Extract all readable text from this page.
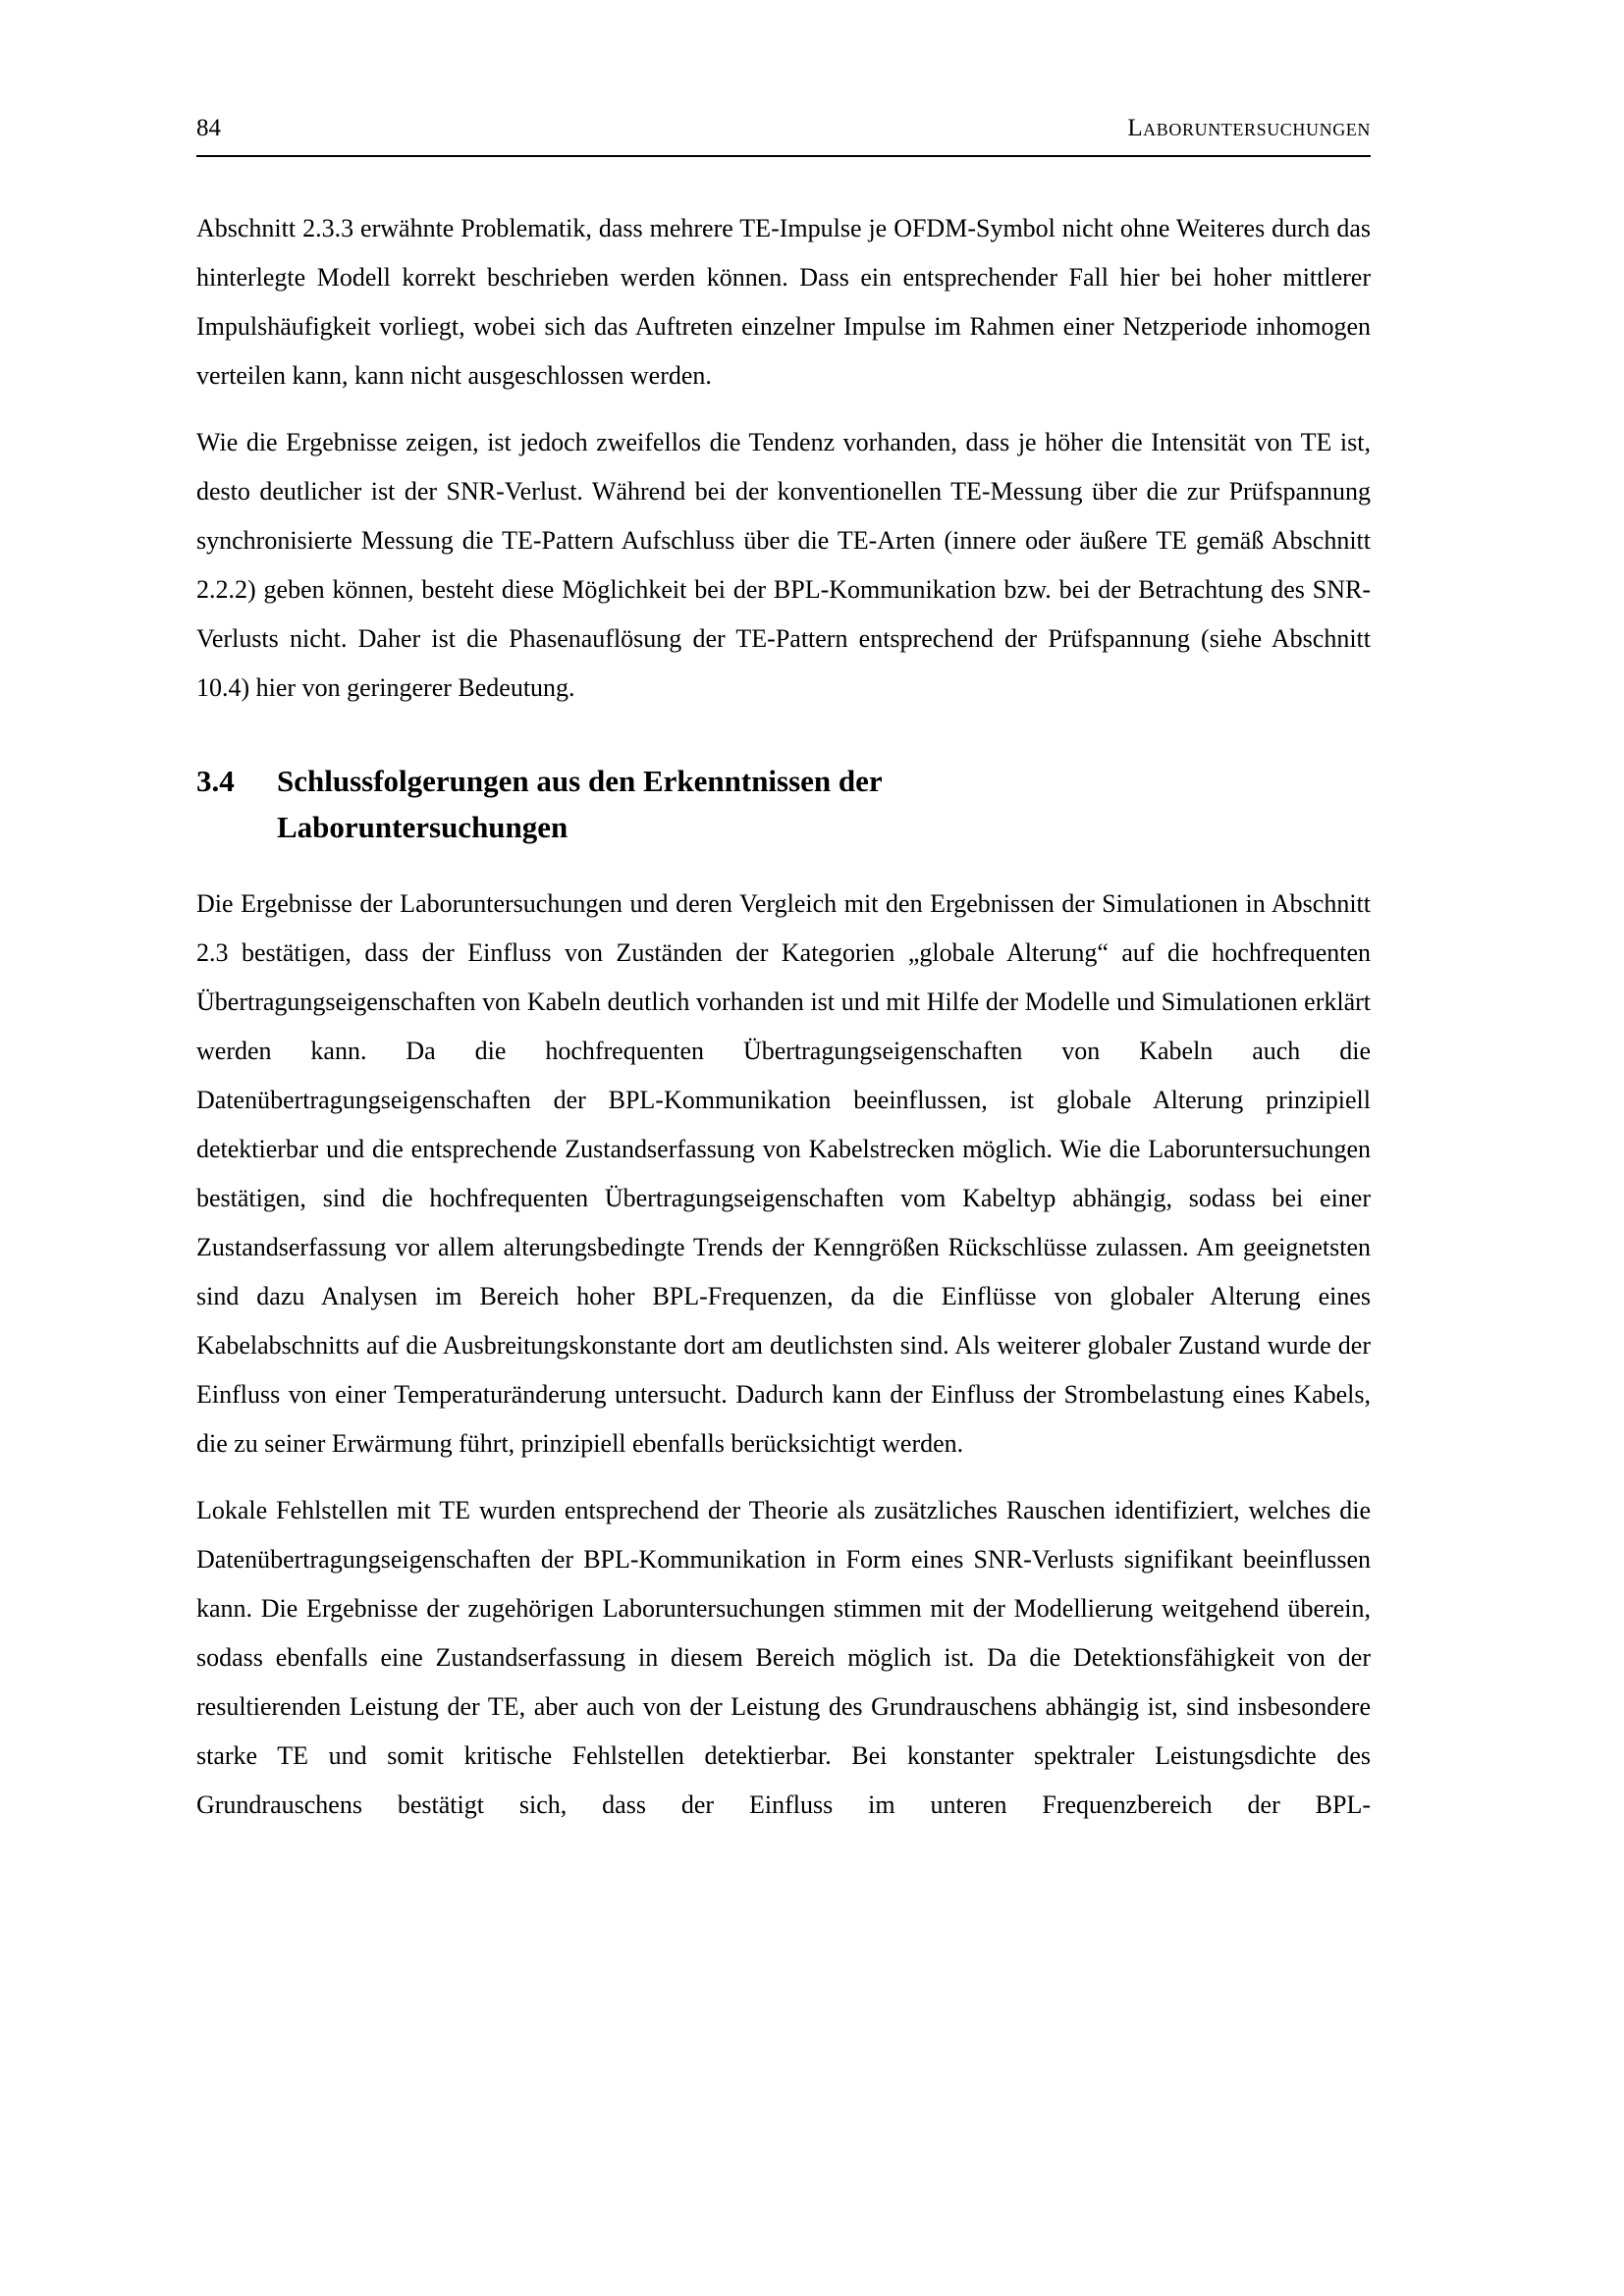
84	Laboruntersuchungen

Abschnitt 2.3.3 erwähnte Problematik, dass mehrere TE-Impulse je OFDM-Symbol nicht ohne Weiteres durch das hinterlegte Modell korrekt beschrieben werden können. Dass ein entsprechender Fall hier bei hoher mittlerer Impulshäufigkeit vorliegt, wobei sich das Auftreten einzelner Impulse im Rahmen einer Netzperiode inhomogen verteilen kann, kann nicht ausgeschlossen werden.

Wie die Ergebnisse zeigen, ist jedoch zweifellos die Tendenz vorhanden, dass je höher die Intensität von TE ist, desto deutlicher ist der SNR-Verlust. Während bei der konventionellen TE-Messung über die zur Prüfspannung synchronisierte Messung die TE-Pattern Aufschluss über die TE-Arten (innere oder äußere TE gemäß Abschnitt 2.2.2) geben können, besteht diese Möglichkeit bei der BPL-Kommunikation bzw. bei der Betrachtung des SNR-Verlusts nicht. Daher ist die Phasenauflösung der TE-Pattern entsprechend der Prüfspannung (siehe Abschnitt 10.4) hier von geringerer Bedeutung.

3.4	Schlussfolgerungen aus den Erkenntnissen der
Laboruntersuchungen

Die Ergebnisse der Laboruntersuchungen und deren Vergleich mit den Ergebnissen der Simulationen in Abschnitt 2.3 bestätigen, dass der Einfluss von Zuständen der Kategorien „globale Alterung“ auf die hochfrequenten Übertragungseigenschaften von Kabeln deutlich vorhanden ist und mit Hilfe der Modelle und Simulationen erklärt werden kann. Da die hochfrequenten Übertragungseigenschaften von Kabeln auch die Datenübertragungseigenschaften der BPL-Kommunikation beeinflussen, ist globale Alterung prinzipiell detektierbar und die entsprechende Zustandserfassung von Kabelstrecken möglich. Wie die Laboruntersuchungen bestätigen, sind die hochfrequenten Übertragungseigenschaften vom Kabeltyp abhängig, sodass bei einer Zustandserfassung vor allem alterungsbedingte Trends der Kenngrößen Rückschlüsse zulassen. Am geeignetsten sind dazu Analysen im Bereich hoher BPL-Frequenzen, da die Einflüsse von globaler Alterung eines Kabelabschnitts auf die Ausbreitungskonstante dort am deutlichsten sind. Als weiterer globaler Zustand wurde der Einfluss von einer Temperaturänderung untersucht. Dadurch kann der Einfluss der Strombelastung eines Kabels, die zu seiner Erwärmung führt, prinzipiell ebenfalls berücksichtigt werden.

Lokale Fehlstellen mit TE wurden entsprechend der Theorie als zusätzliches Rauschen identifiziert, welches die Datenübertragungseigenschaften der BPL-Kommunikation in Form eines SNR-Verlusts signifikant beeinflussen kann. Die Ergebnisse der zugehörigen Laboruntersuchungen stimmen mit der Modellierung weitgehend überein, sodass ebenfalls eine Zustandserfassung in diesem Bereich möglich ist. Da die Detektionsfähigkeit von der resultierenden Leistung der TE, aber auch von der Leistung des Grundrauschens abhängig ist, sind insbesondere starke TE und somit kritische Fehlstellen detektierbar. Bei konstanter spektraler Leistungsdichte des Grundrauschens bestätigt sich, dass der Einfluss im unteren Frequenzbereich der BPL-
